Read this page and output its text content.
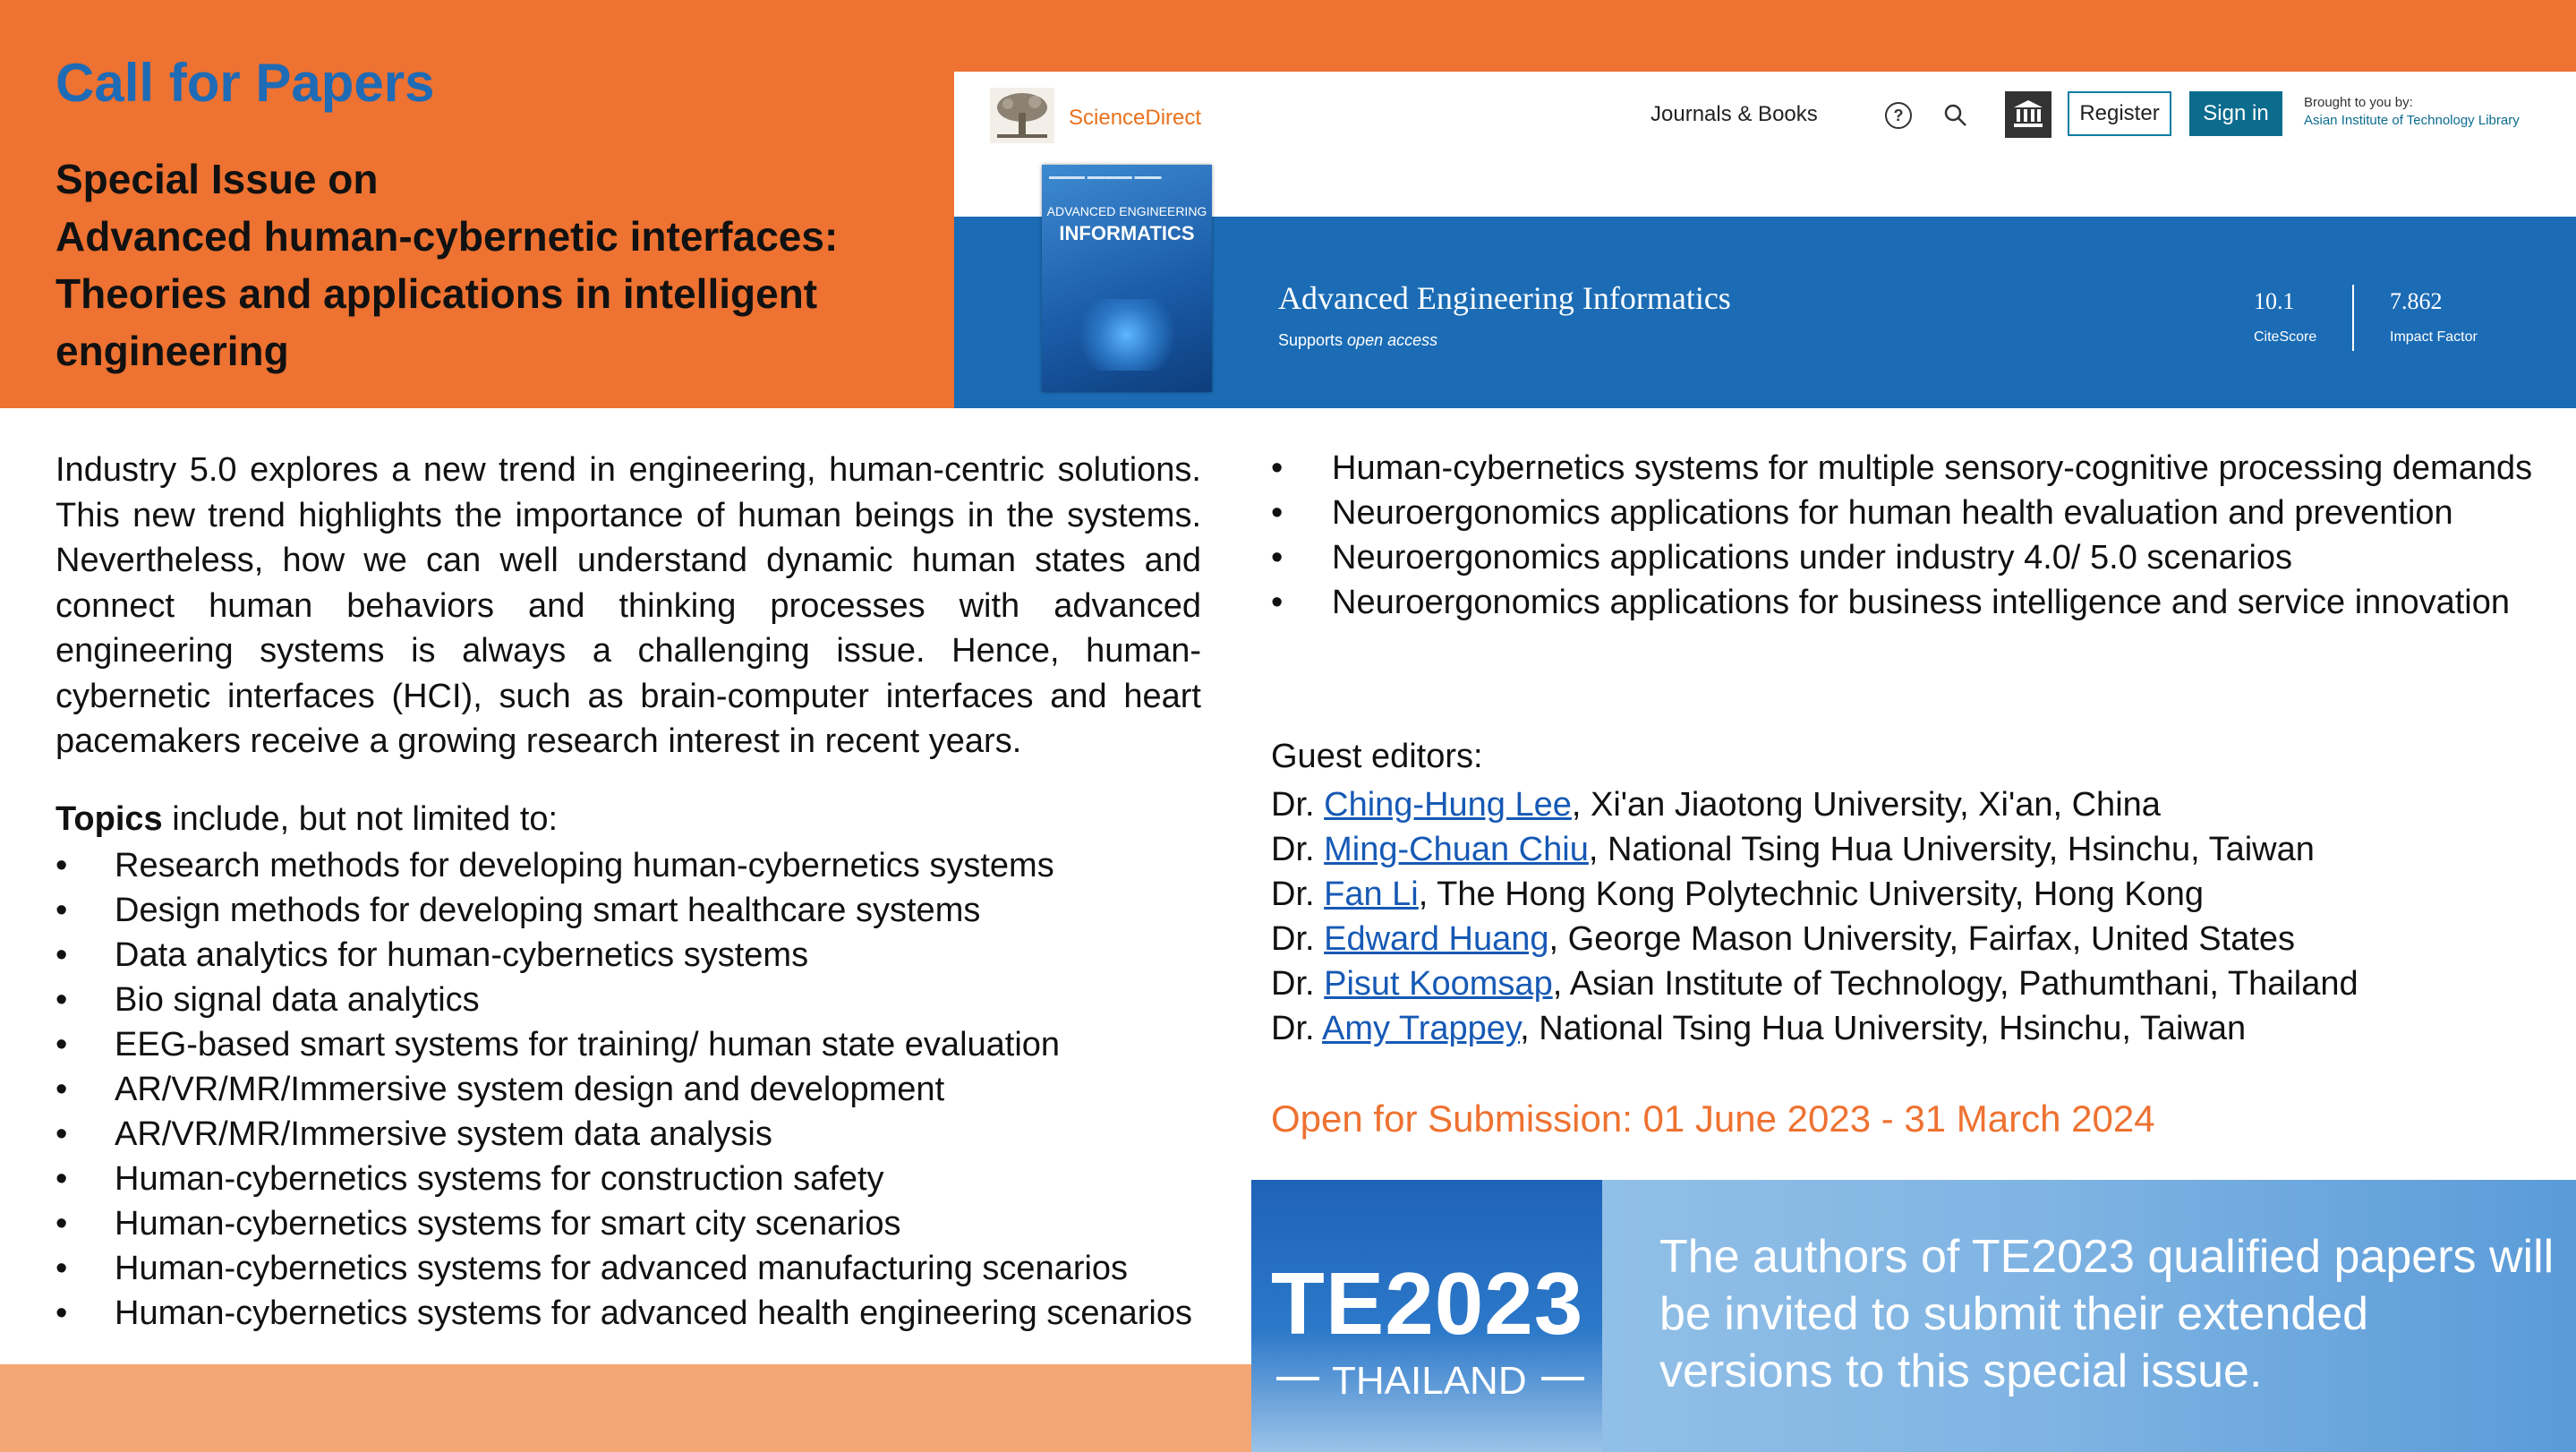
Call for Papers
Special Issue on
Advanced human-cybernetic interfaces:
Theories and applications in intelligent
engineering
ScienceDirect	Journals & Books	?	Register	Sign in	Brought to you by:
Asian Institute of Technology Library
▬▬▬▬ ▬▬▬▬▬ ▬▬▬
ADVANCED ENGINEERING
INFORMATICS
Advanced Engineering Informatics
Supports open access
10.1
CiteScore
7.862
Impact Factor
Industry 5.0 explores a new trend in engineering, human-centric solutions. This new trend highlights the importance of human beings in the systems. Nevertheless, how we can well understand dynamic human states and connect human behaviors and thinking processes with advanced engineering systems is always a challenging issue. Hence, human-cybernetic interfaces (HCI), such as brain-computer interfaces and heart pacemakers receive a growing research interest in recent years.
Topics include, but not limited to:
• Research methods for developing human-cybernetics systems
• Design methods for developing smart healthcare systems
• Data analytics for human-cybernetics systems
• Bio signal data analytics
• EEG-based smart systems for training/ human state evaluation
• AR/VR/MR/Immersive system design and development
• AR/VR/MR/Immersive system data analysis
• Human-cybernetics systems for construction safety
• Human-cybernetics systems for smart city scenarios
• Human-cybernetics systems for advanced manufacturing scenarios
• Human-cybernetics systems for advanced health engineering scenarios
• Human-cybernetics systems for multiple sensory-cognitive processing demands
• Neuroergonomics applications for human health evaluation and prevention
• Neuroergonomics applications under industry 4.0/ 5.0 scenarios
• Neuroergonomics applications for business intelligence and service innovation
Guest editors:
Dr. Ching-Hung Lee, Xi'an Jiaotong University, Xi'an, China
Dr. Ming-Chuan Chiu, National Tsing Hua University, Hsinchu, Taiwan
Dr. Fan Li, The Hong Kong Polytechnic University, Hong Kong
Dr. Edward Huang, George Mason University, Fairfax, United States
Dr. Pisut Koomsap, Asian Institute of Technology, Pathumthani, Thailand
Dr. Amy Trappey, National Tsing Hua University, Hsinchu, Taiwan
Open for Submission: 01 June 2023 - 31 March 2024
TE2023
THAILAND
The authors of TE2023 qualified papers will be invited to submit their extended versions to this special issue.
